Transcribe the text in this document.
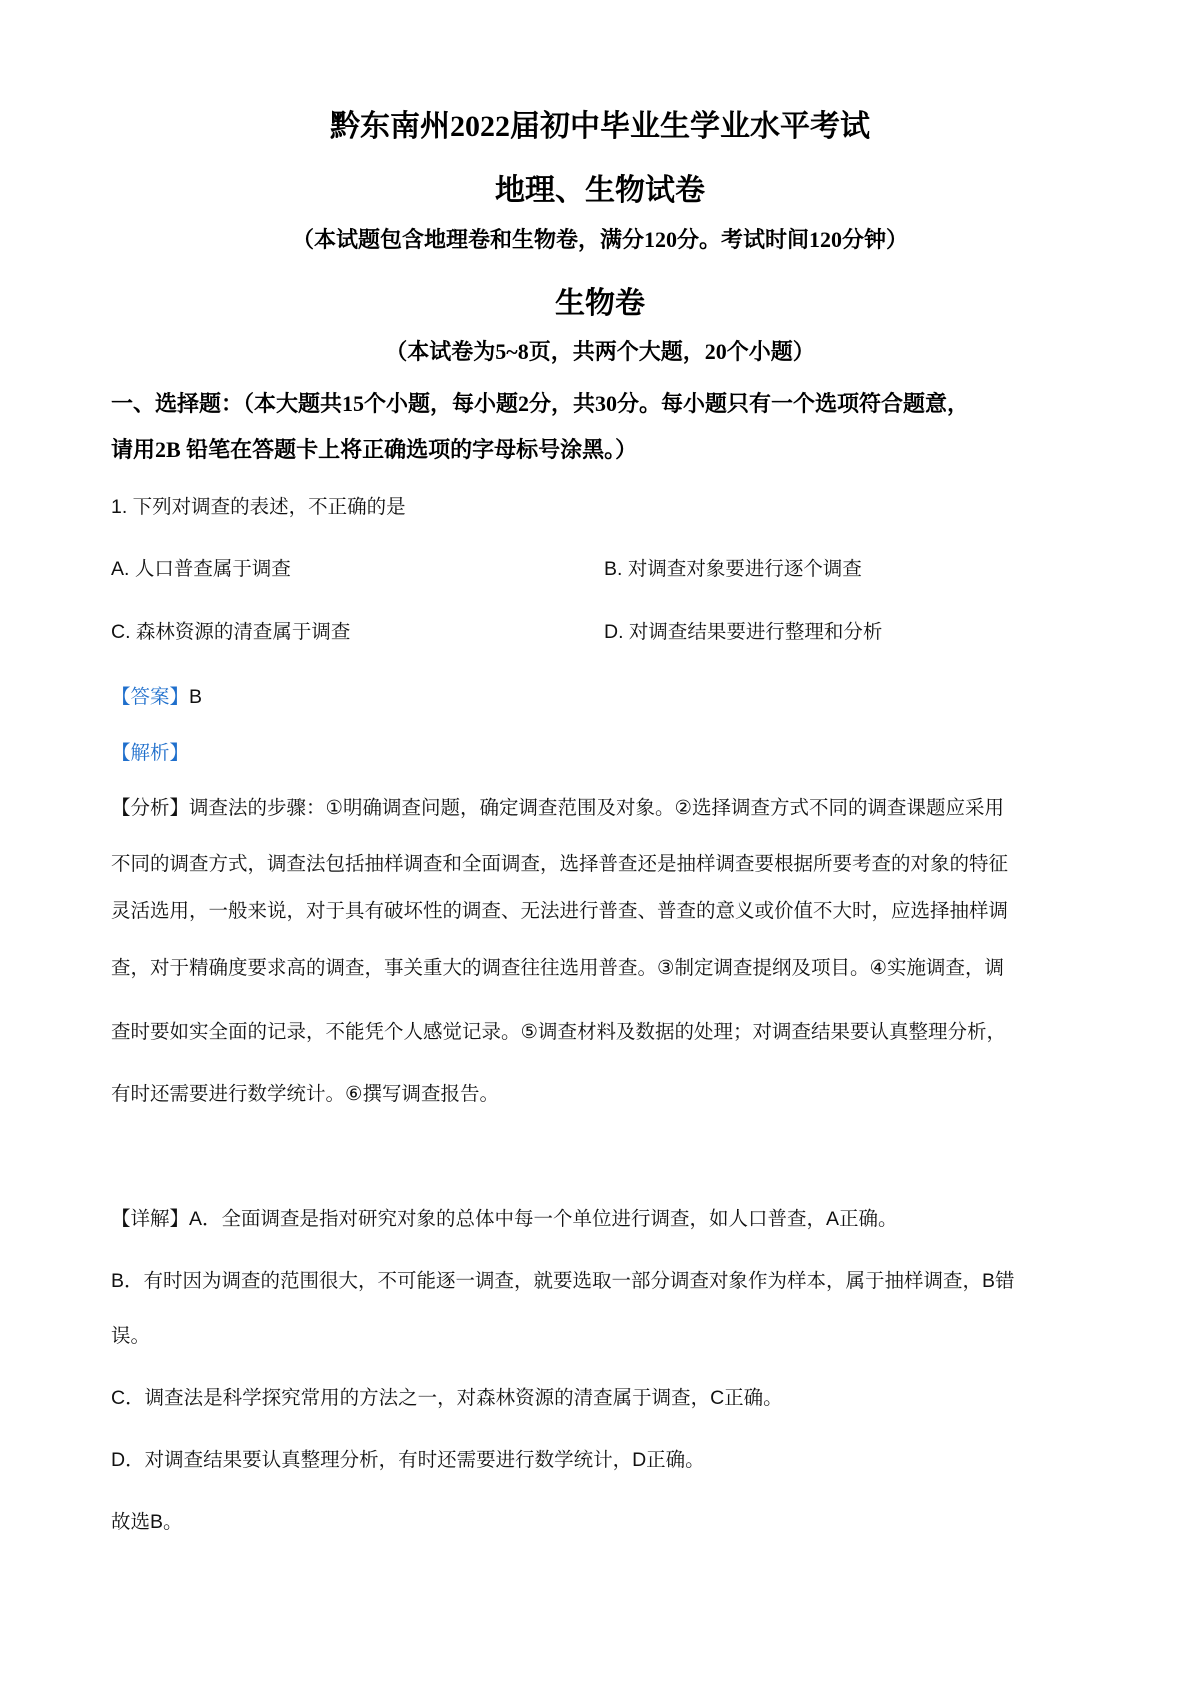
黔东南州2022届初中毕业生学业水平考试
地理、生物试卷
（本试题包含地理卷和生物卷，满分120分。考试时间120分钟）
生物卷
（本试卷为5~8页，共两个大题，20个小题）
一、选择题：（本大题共15个小题，每小题2分，共30分。每小题只有一个选项符合题意，
请用2B 铅笔在答题卡上将正确选项的字母标号涂黑。）
1. 下列对调查的表述，不正确的是
A. 人口普查属于调查	B. 对调查对象要进行逐个调查
C. 森林资源的清查属于调查	D. 对调查结果要进行整理和分析
【答案】B
【解析】
【分析】调查法的步骤：①明确调查问题，确定调查范围及对象。②选择调查方式不同的调查课题应采用
不同的调查方式，调查法包括抽样调查和全面调查，选择普查还是抽样调查要根据所要考查的对象的特征
灵活选用，一般来说，对于具有破坏性的调查、无法进行普查、普查的意义或价值不大时，应选择抽样调
查，对于精确度要求高的调查，事关重大的调查往往选用普查。③制定调查提纲及项目。④实施调查，调
查时要如实全面的记录，不能凭个人感觉记录。⑤调查材料及数据的处理；对调查结果要认真整理分析，
有时还需要进行数学统计。⑥撰写调查报告。
【详解】A．全面调查是指对研究对象的总体中每一个单位进行调查，如人口普查，A正确。
B．有时因为调查的范围很大，不可能逐一调查，就要选取一部分调查对象作为样本，属于抽样调查，B错
误。
C．调查法是科学探究常用的方法之一，对森林资源的清查属于调查，C正确。
D．对调查结果要认真整理分析，有时还需要进行数学统计，D正确。
故选B。
